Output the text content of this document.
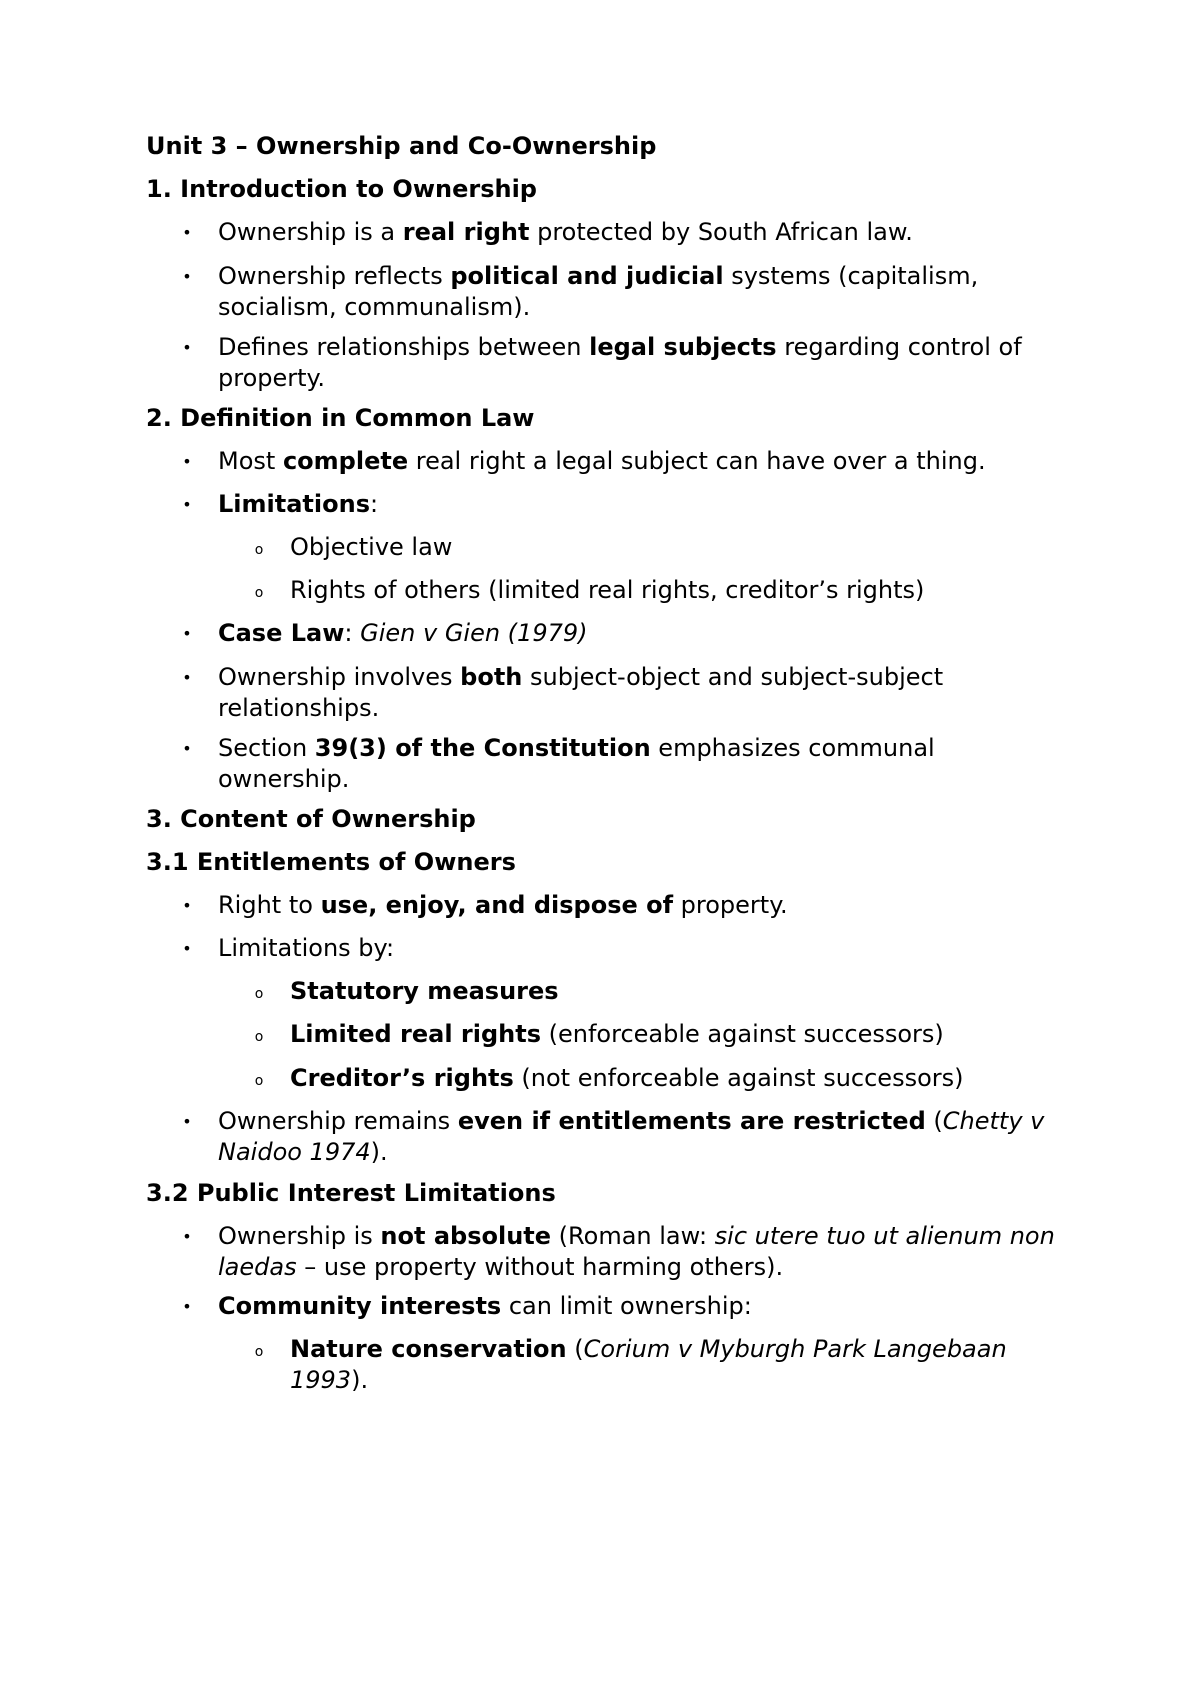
Unit 3 – Ownership and Co-Ownership
1. Introduction to Ownership
• Ownership is a real right protected by South African law.
• Ownership reflects political and judicial systems (capitalism, socialism, communalism).
• Defines relationships between legal subjects regarding control of property.
2. Definition in Common Law
• Most complete real right a legal subject can have over a thing.
• Limitations:
o Objective law
o Rights of others (limited real rights, creditor’s rights)
• Case Law: Gien v Gien (1979)
• Ownership involves both subject-object and subject-subject relationships.
• Section 39(3) of the Constitution emphasizes communal ownership.
3. Content of Ownership
3.1 Entitlements of Owners
• Right to use, enjoy, and dispose of property.
• Limitations by:
o Statutory measures
o Limited real rights (enforceable against successors)
o Creditor’s rights (not enforceable against successors)
• Ownership remains even if entitlements are restricted (Chetty v Naidoo 1974).
3.2 Public Interest Limitations
• Ownership is not absolute (Roman law: sic utere tuo ut alienum non laedas – use property without harming others).
• Community interests can limit ownership:
o Nature conservation (Corium v Myburgh Park Langebaan 1993).
